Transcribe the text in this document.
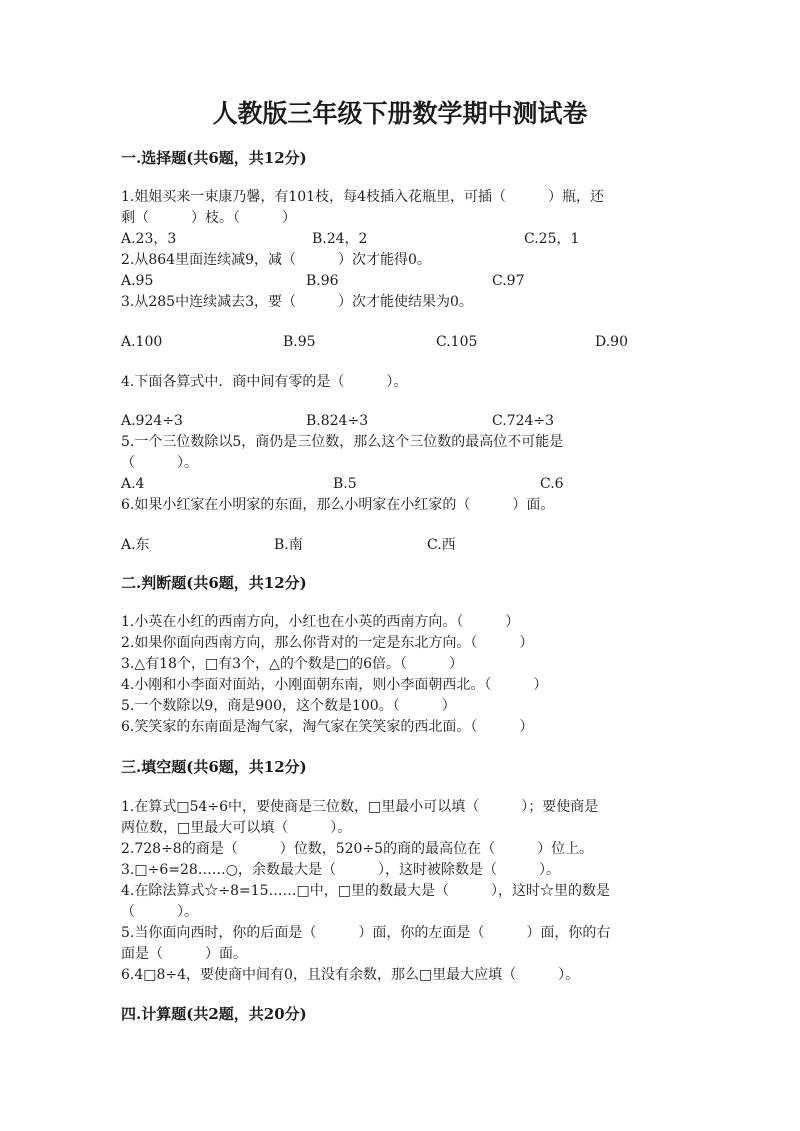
人教版三年级下册数学期中测试卷
一.选择题(共6题，共12分)
1.姐姐买来一束康乃馨，有101枝，每4枝插入花瓶里，可插（　　　）瓶，还
剩（　　　）枝。（　　　）
A.23，3	B.24，2	C.25，1
2.从864里面连续减9，减（　　　）次才能得0。
A.95	B.96	C.97
3.从285中连续减去3，要（　　　）次才能使结果为0。
A.100	B.95	C.105	D.90
4.下面各算式中．商中间有零的是（　　　）。
A.924÷3	B.824÷3	C.724÷3
5.一个三位数除以5，商仍是三位数，那么这个三位数的最高位不可能是
（　　　）。
A.4	B.5	C.6
6.如果小红家在小明家的东面，那么小明家在小红家的（　　　）面。
A.东	B.南	C.西
二.判断题(共6题，共12分)
1.小英在小红的西南方向，小红也在小英的西南方向。（　　　）
2.如果你面向西南方向，那么你背对的一定是东北方向。（　　　）
3.△有18个，□有3个，△的个数是□的6倍。（　　　）
4.小刚和小李面对面站，小刚面朝东南，则小李面朝西北。（　　　）
5.一个数除以9，商是900，这个数是100。（　　　）
6.笑笑家的东南面是淘气家，淘气家在笑笑家的西北面。（　　　）
三.填空题(共6题，共12分)
1.在算式□54÷6中，要使商是三位数，□里最小可以填（　　　）；要使商是
两位数，□里最大可以填（　　　）。
2.728÷8的商是（　　　）位数，520÷5的商的最高位在（　　　）位上。
3.□÷6=28……○，余数最大是（　　　），这时被除数是（　　　）。
4.在除法算式☆÷8=15……□中，□里的数最大是（　　　），这时☆里的数是
（　　　）。
5.当你面向西时，你的后面是（　　　）面，你的左面是（　　　）面，你的右
面是（　　　）面。
6.4□8÷4，要使商中间有0，且没有余数，那么□里最大应填（　　　）。
四.计算题(共2题，共20分)
